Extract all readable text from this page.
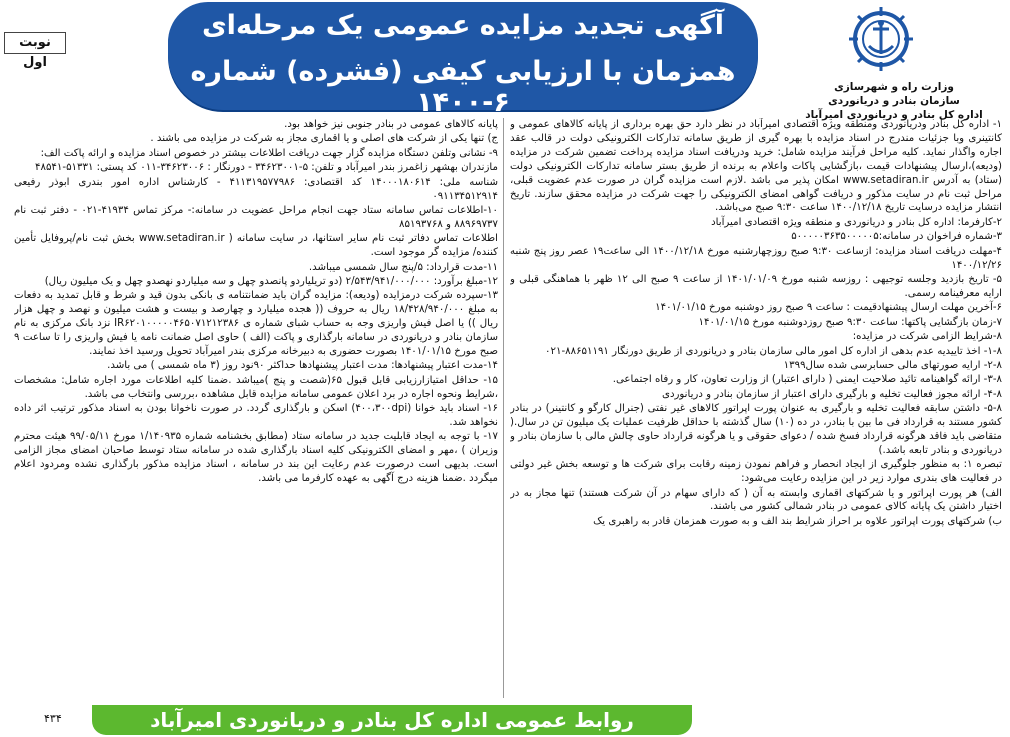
آگهی تجدید مزایده عمومی یک مرحله‌ای
همزمان با ارزیابی کیفی (فشرده) شماره ۶-۱۴۰۰
نوبت اول
وزارت راه و شهرسازی
سازمان بنادر و دریانوردی
اداره کل بنادر و دریانوردی امیرآباد

۱- اداره کل بنادر ودریانوردی ومنطقه ویژه اقتصادی امیرآباد در نظر دارد حق بهره برداری از پایانه کالاهای عمومی و کانتینری وبا جزئیات مندرج در اسناد مزایده با بهره گیری از طریق سامانه تدارکات الکترونیکی دولت در قالب عقد اجاره واگذار نماید. کلیه مراحل فرآیند مزایده شامل: خرید ودریافت اسناد مزایده پرداخت تضمین شرکت در مزایده (ودیعه)،ارسال پیشنهادات قیمت ،بازگشایی پاکات واعلام به برنده از طریق بستر سامانه تدارکات الکترونیکی دولت (ستاد) به آدرس www.setadiran.ir امکان پذیر می باشد .لازم است مزایده گران در صورت عدم عضویت قبلی، مراحل ثبت نام در سایت مذکور و دریافت گواهی امضای الکترونیکی را جهت شرکت در مزایده محقق سازند. تاریخ انتشار مزایده درسایت تاریخ ۱۴۰۰/۱۲/۱۸ ساعت ۹:۳۰ صبح می‌باشد.

۲-کارفرما: اداره کل بنادر و دریانوردی و منطقه ویژه اقتصادی امیرآباد

۳-شماره فراخوان در سامانه:۵۰۰۰۰۰۳۶۳۵۰۰۰۰۰۵

۴-مهلت دریافت اسناد مزایده: ازساعت ۹:۳۰ صبح روزچهارشنبه مورخ ۱۴۰۰/۱۲/۱۸ الی ساعت۱۹ عصر روز پنج شنبه ۱۴۰۰/۱۲/۲۶

۵- تاریخ بازدید وجلسه توجیهی : روزسه شنبه مورخ ۱۴۰۱/۰۱/۰۹ از ساعت ۹ صبح الی ۱۲ ظهر با هماهنگی قبلی و ارایه معرفینامه رسمی.

۶-آخرین مهلت ارسال پیشنهادقیمت : ساعت ۹ صبح روز دوشنبه مورخ ۱۴۰۱/۰۱/۱۵

۷-زمان بازگشایی پاکتها: ساعت ۹:۳۰ صبح روزدوشنبه مورخ ۱۴۰۱/۰۱/۱۵

۸-شرایط الزامی شرکت در مزایده:

۱-۸- اخذ تاییدیه عدم بدهی از اداره کل امور مالی سازمان بنادر و دریانوردی از طریق دورنگار ۸۸۶۵۱۱۹۱-۰۲۱

۲-۸- ارایه صورتهای مالی حسابرسی شده سال۱۳۹۹

۳-۸- ارائه گواهینامه تائید صلاحیت ایمنی ( دارای اعتبار) از وزارت تعاون، کار و رفاه اجتماعی.

۴-۸- ارائه مجوز فعالیت تخلیه و بارگیری دارای اعتبار از سازمان بنادر و دریانوردی

۵-۸- داشتن سابقه فعالیت تخلیه و بارگیری به عنوان پورت اپراتور کالاهای غیر نفتی (جنرال کارگو و کانتینر) در بنادر کشور مستند به قرارداد فی ما بین با بنادر، در ده (۱۰) سال گذشته با حداقل ظرفیت عملیات یک میلیون تن در سال.( متقاضی باید فاقد هرگونه قرارداد فسخ شده / دعوای حقوقی و یا هرگونه قرارداد حاوی چالش مالی با سازمان بنادر و دریانوردی و بنادر تابعه باشد.)

تبصره ۱: به منظور جلوگیری از ایجاد انحصار و فراهم نمودن زمینه رقابت برای شرکت ها و توسعه بخش غیر دولتی در فعالیت های بندری موارد زیر در این مزایده رعایت می‌شود:

الف) هر پورت اپراتور و یا شرکتهای اقماری وابسته به آن ( که دارای سهام در آن شرکت هستند) تنها مجاز به در اختیار داشتن یک پایانه کالای عمومی در بنادر شمالی کشور می باشند.

ب) شرکتهای پورت اپراتور علاوه بر احراز شرایط بند الف و به صورت همزمان قادر به راهبری یک

پایانه کالاهای عمومی در بنادر جنوبی نیز خواهد بود.

ج) تنها یکی از شرکت های اصلی و یا اقماری مجاز به شرکت در مزایده می باشند .

۹- نشانی وتلفن دستگاه مزایده گزار جهت دریافت اطلاعات بیشتر در خصوص اسناد مزایده و ارائه پاکت الف:

مازندران بهشهر زاغمرز بندر امیرآباد و تلفن: ۵-۳۴۶۲۳۰۰۱ - دورنگار : ۳۴۶۲۳۰۰۶-۰۱۱ کد پستی: ۵۱۳۳۱-۴۸۵۴۱

شناسه ملی: ۱۴۰۰۰۱۸۰۶۱۴ کد اقتصادی: ۴۱۱۳۱۹۵۷۷۹۸۶ - کارشناس اداره امور بندری ابوذر رفیعی ۰۹۱۱۳۴۵۱۲۹۱۴

۱۰-اطلاعات تماس سامانه ستاد جهت انجام مراحل عضویت در سامانه:- مرکز تماس ۴۱۹۳۴-۰۲۱ - دفتر ثبت نام ۸۸۹۶۹۷۳۷ و ۸۵۱۹۳۷۶۸

اطلاعات تماس دفاتر ثبت نام سایر استانها، در سایت سامانه ( www.setadiran.ir بخش ثبت نام/پروفایل تأمین کننده/ مزایده گر موجود است.

۱۱-مدت قرارداد: ۵/پنج سال شمسی میباشد.

۱۲-مبلغ برآورد: ۲/۵۴۳/۹۴۱/۰۰۰/۰۰۰ (دو تریلیاردو پانصدو چهل و سه میلیاردو نهصدو چهل و یک میلیون ریال)

۱۳-سپرده شرکت درمزایده (ودیعه): مزایده گران باید ضمانتنامه ی بانکی بدون قید و شرط و قابل تمدید به دفعات به مبلغ ۱۸/۴۲۸/۹۴۰/۰۰۰ ریال به حروف (( هجده میلیارد و چهارصد و بیست و هشت میلیون و نهصد و چهل هزار ریال )) یا اصل فیش واریزی وجه به حساب شبای شماره ی IR۶۲۰۱۰۰۰۰۰۴۶۵۰۷۱۲۱۲۳۸۶ نزد بانک مرکزی به نام سازمان بنادر و دریانوردی در سامانه بارگذاری و پاکت (الف ) حاوی اصل ضمانت نامه یا فیش واریزی را تا ساعت ۹ صبح مورخ ۱۴۰۱/۰۱/۱۵ بصورت حضوری به دبیرخانه مرکزی بندر امیرآباد تحویل ورسید اخذ نمایند.

۱۴-مدت اعتبار پیشنهادها: مدت اعتبار پیشنهادها حداکثر ۹۰نود روز (۳ ماه شمسی ) می باشد.

۱۵- حداقل امتیازارزیابی قابل قبول ۶۵(شصت و پنج )میباشد .ضمنا کلیه اطلاعات مورد اجاره شامل: مشخصات ،شرایط ونحوه اجاره در برد اعلان عمومی سامانه مزایده قابل مشاهده ،بررسی وانتخاب می باشد.

۱۶- اسناد باید خوانا (۴۰۰،۳۰۰dpi) اسکن و بارگذاری گردد. در صورت ناخوانا بودن به اسناد مذکور ترتیب اثر داده نخواهد شد.

۱۷- با توجه به ایجاد قابلیت جدید در سامانه ستاد (مطابق بخشنامه شماره ۱/۱۴۰۹۳۵ مورخ ۹۹/۰۵/۱۱ هیئت محترم وزیران ) ،مهر و امضای الکترونیکی کلیه اسناد بارگذاری شده در سامانه ستاد توسط صاحبان امضای مجاز الزامی است. بدیهی است درصورت عدم رعایت این بند در سامانه ، اسناد مزایده مذکور بارگذاری نشده ومردود اعلام میگردد .ضمنا هزینه درج آگهی به عهده کارفرما می باشد.

روابط عمومی اداره کل بنادر و دریانوردی امیرآباد
۴۳۴
